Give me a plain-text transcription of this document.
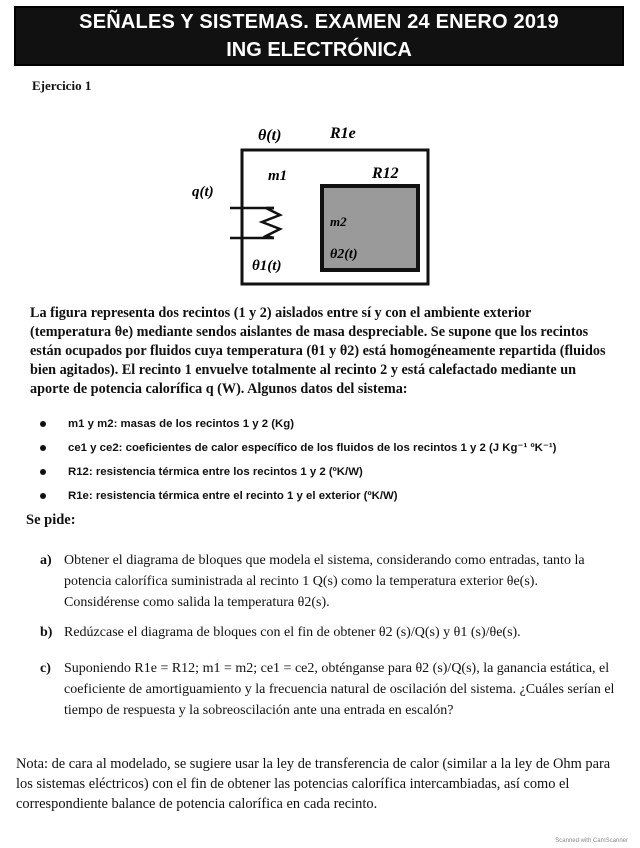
SEÑALES Y SISTEMAS. EXAMEN 24 ENERO 2019
ING ELECTRÓNICA
Ejercicio 1
θ(t)	R1e
m1	R12
q(t)
m2
θ2(t)
θ1(t)
La figura representa dos recintos (1 y 2) aislados entre sí y con el ambiente exterior (temperatura θe) mediante sendos aislantes de masa despreciable. Se supone que los recintos están ocupados por fluidos cuya temperatura (θ1 y θ2) está homogéneamente repartida (fluidos bien agitados). El recinto 1 envuelve totalmente al recinto 2 y está calefactado mediante un aporte de potencia calorífica q (W). Algunos datos del sistema:
m1 y m2: masas de los recintos 1 y 2 (Kg)
ce1 y ce2: coeficientes de calor específico de los fluidos de los recintos 1 y 2 (J Kg⁻¹ ºK⁻¹)
R12: resistencia térmica entre los recintos 1 y 2 (ºK/W)
R1e: resistencia térmica entre el recinto 1 y el exterior (ºK/W)
Se pide:
a) Obtener el diagrama de bloques que modela el sistema, considerando como entradas, tanto la potencia calorífica suministrada al recinto 1 Q(s) como la temperatura exterior θe(s). Considérense como salida la temperatura θ2(s).
b) Redúzcase el diagrama de bloques con el fin de obtener θ2 (s)/Q(s) y θ1 (s)/θe(s).
c) Suponiendo R1e = R12; m1 = m2; ce1 = ce2, obténganse para θ2 (s)/Q(s), la ganancia estática, el coeficiente de amortiguamiento y la frecuencia natural de oscilación del sistema. ¿Cuáles serían el tiempo de respuesta y la sobreoscilación ante una entrada en escalón?
Nota: de cara al modelado, se sugiere usar la ley de transferencia de calor (similar a la ley de Ohm para los sistemas eléctricos) con el fin de obtener las potencias calorífica intercambiadas, así como el correspondiente balance de potencia calorífica en cada recinto.
Scanned with CamScanner
